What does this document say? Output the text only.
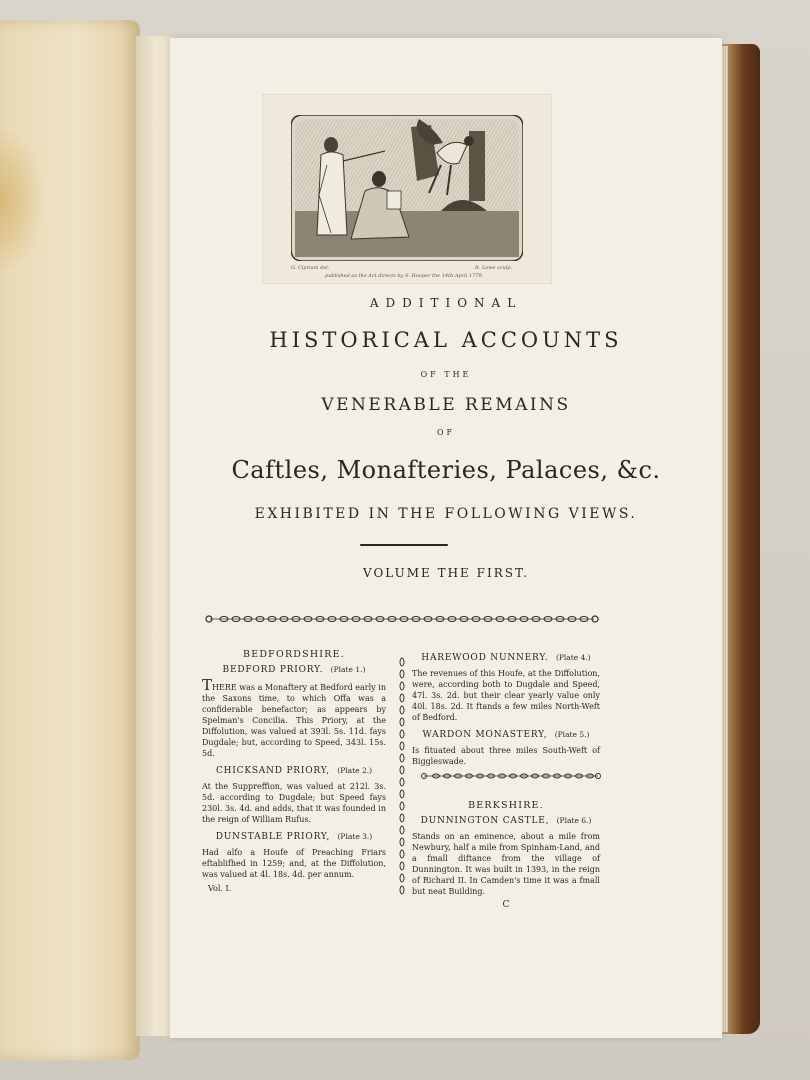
G. Cipriani del.	R. Lowe sculp.
published as the Act directs by S. Hooper the 14th April 1779.
ADDITIONAL
HISTORICAL ACCOUNTS
OF THE
VENERABLE REMAINS
OF
Caftles, Monafteries, Palaces, &c.
EXHIBITED IN THE FOLLOWING VIEWS.
VOLUME THE FIRST.
BEDFORDSHIRE.
BEDFORD PRIORY. (Plate 1.)

THERE was a Monaftery at Bedford early in the Saxons time, to which Offa was a confiderable benefactor; as appears by Spelman's Concilia. This Priory, at the Diffolution, was valued at 393l. 5s. 11d. fays Dugdale; but, according to Speed, 343l. 15s. 5d.

CHICKSAND PRIORY, (Plate 2.)

At the Suppreffion, was valued at 212l. 3s. 5d. according to Dugdale; but Speed fays 230l. 3s. 4d. and adds, that it was founded in the reign of William Rufus.

DUNSTABLE PRIORY, (Plate 3.)

Had alfo a Houfe of Preaching Friars eftablifhed in 1259; and, at the Diffolution, was valued at 4l. 18s. 4d. per annum.

Vol. I.
HAREWOOD NUNNERY. (Plate 4.)

The revenues of this Houfe, at the Diffolution, were, according both to Dugdale and Speed, 47l. 3s. 2d. but their clear yearly value only 40l. 18s. 2d. It ftands a few miles North-Weft of Bedford.

WARDON MONASTERY, (Plate 5.)

Is fituated about three miles South-Weft of Biggleswade.

BERKSHIRE.
DUNNINGTON CASTLE, (Plate 6.)

Stands on an eminence, about a mile from Newbury, half a mile from Spinham-Land, and a fmall diftance from the village of Dunnington. It was built in 1393, in the reign of Richard II. In Camden's time it was a fmall but neat Building.

C
